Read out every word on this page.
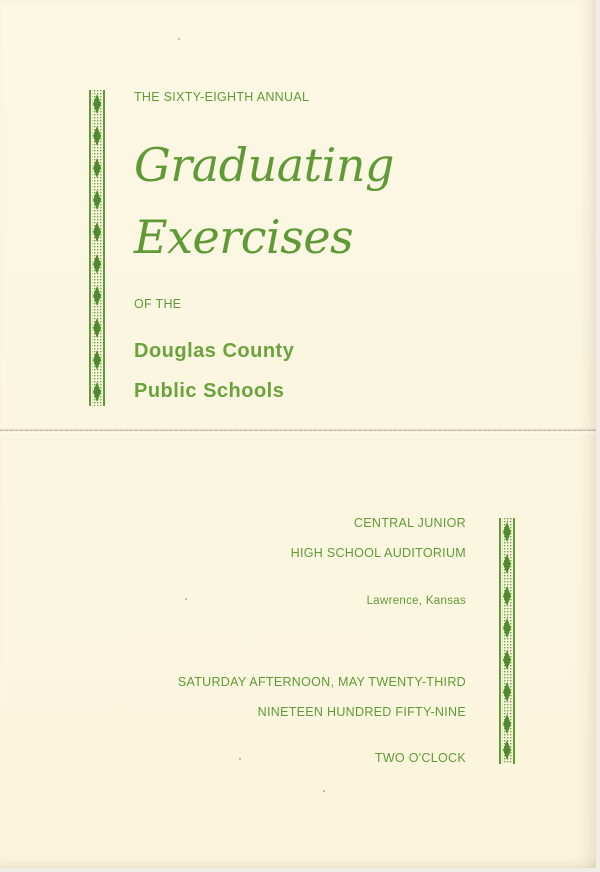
THE SIXTY-EIGHTH ANNUAL

Graduating

Exercises

OF THE

Douglas County

Public Schools

CENTRAL JUNIOR

HIGH SCHOOL AUDITORIUM

Lawrence, Kansas

SATURDAY AFTERNOON, MAY TWENTY-THIRD

NINETEEN HUNDRED FIFTY-NINE

TWO O'CLOCK
